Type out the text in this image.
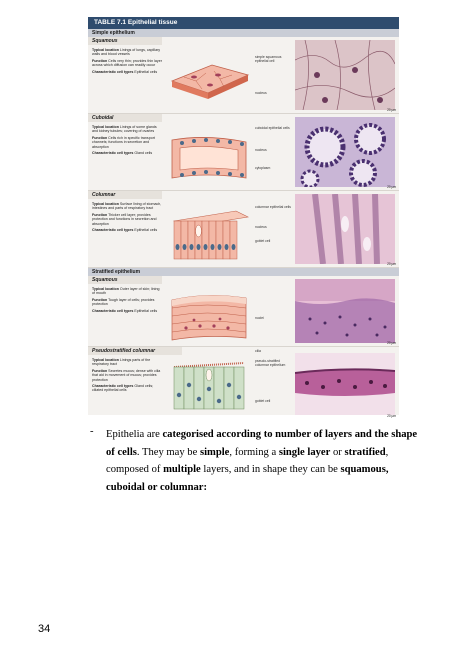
TABLE 7.1 Epithelial tissue
Simple epithelium
Squamous

Typical location Linings of lungs, capillary walls and blood vessels

Function Cells very thin; provides thin layer across which diffusion can readily occur

Characteristic cell types Epithelial cells

simple squamous epithelial cell
nucleus
20 μm
Cuboidal

Typical location Linings of some glands and kidney tubules; covering of ovaries

Function Cells rich in specific transport channels; functions in secretion and absorption

Characteristic cell types Gland cells

cuboidal epithelial cells
nucleus
cytoplasm
20 μm
Columnar

Typical location Surface lining of stomach, intestines and parts of respiratory tract

Function Thicker cell layer; provides protection and functions in secretion and absorption

Characteristic cell types Epithelial cells

columnar epithelial cells
nucleus
goblet cell
20 μm
Stratified epithelium
Squamous

Typical location Outer layer of skin; lining of mouth

Function Tough layer of cells; provides protection

Characteristic cell types Epithelial cells

nuclei
20 μm
Pseudostratified columnar

Typical location Linings parts of the respiratory tract

Function Secretes mucus; dense with cilia that aid in movement of mucus; provides protection

Characteristic cell types Gland cells; ciliated epithelial cells

cilia
pseudo-stratified columnar epithelium
goblet cell
20 μm
- Epithelia are categorised according to number of layers and the shape of cells. They may be simple, forming a single layer or stratified, composed of multiple layers, and in shape they can be squamous, cuboidal or columnar:
34
